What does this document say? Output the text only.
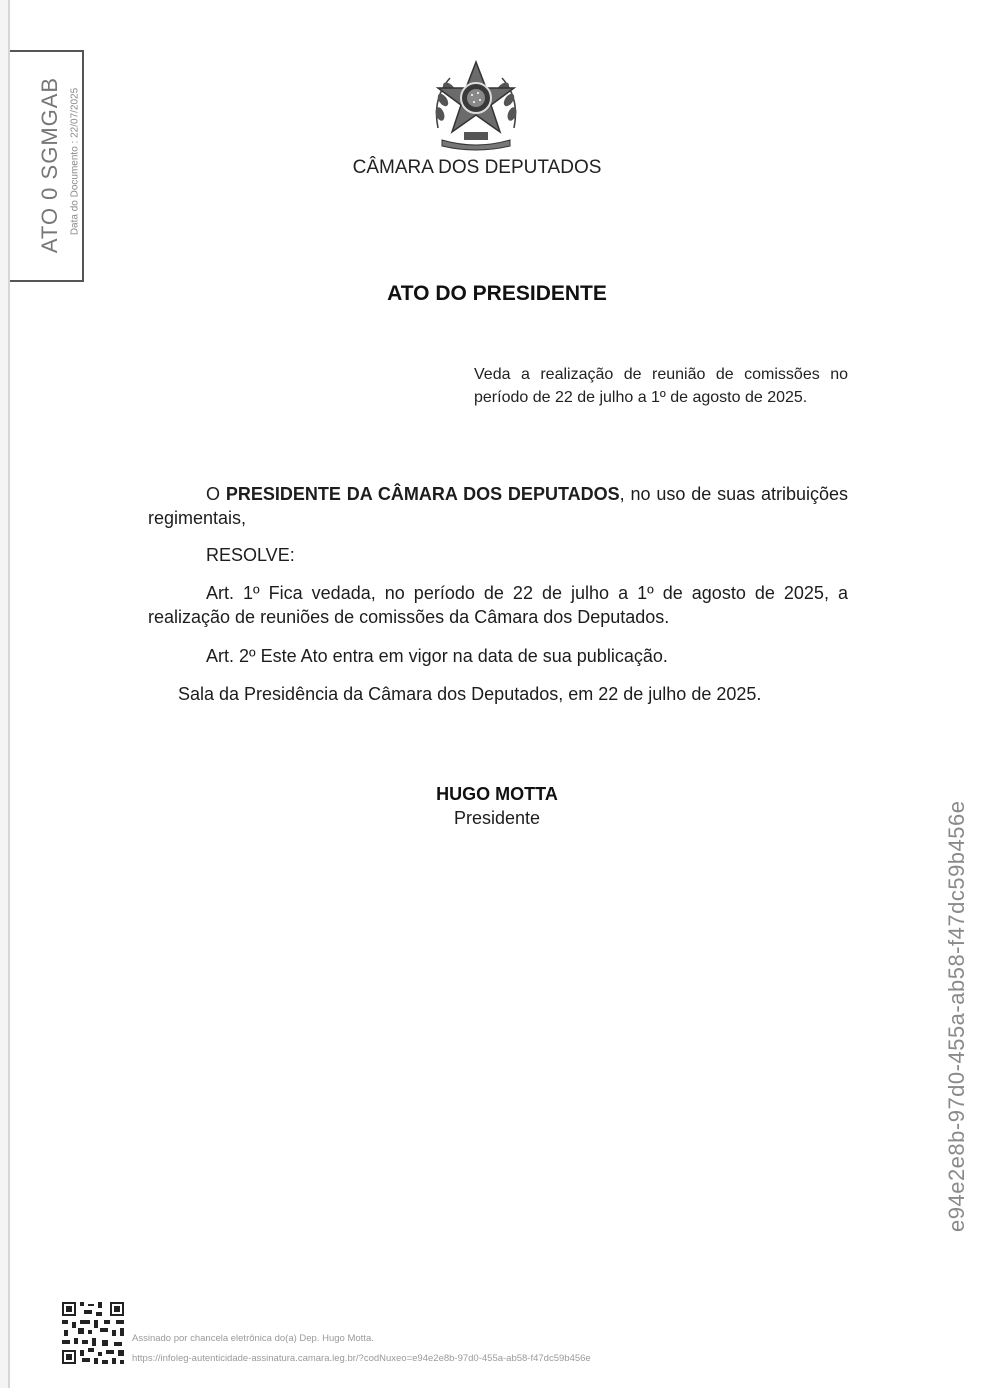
ATO 0 SGMGAB Data do Documento : 22/07/2025	CÂMARA DOS DEPUTADOS
ATO DO PRESIDENTE
Veda a realização de reunião de comissões no período de 22 de julho a 1º de agosto de 2025.
O PRESIDENTE DA CÂMARA DOS DEPUTADOS, no uso de suas atribuições regimentais,
RESOLVE:
Art. 1º Fica vedada, no período de 22 de julho a 1º de agosto de 2025, a realização de reuniões de comissões da Câmara dos Deputados.
Art. 2º Este Ato entra em vigor na data de sua publicação.
Sala da Presidência da Câmara dos Deputados, em 22 de julho de 2025.
HUGO MOTTA
Presidente	e94e2e8b-97d0-455a-ab58-f47dc59b456e
Assinado por chancela eletrônica do(a) Dep. Hugo Motta.
https://infoleg-autenticidade-assinatura.camara.leg.br/?codNuxeo=e94e2e8b-97d0-455a-ab58-f47dc59b456e
